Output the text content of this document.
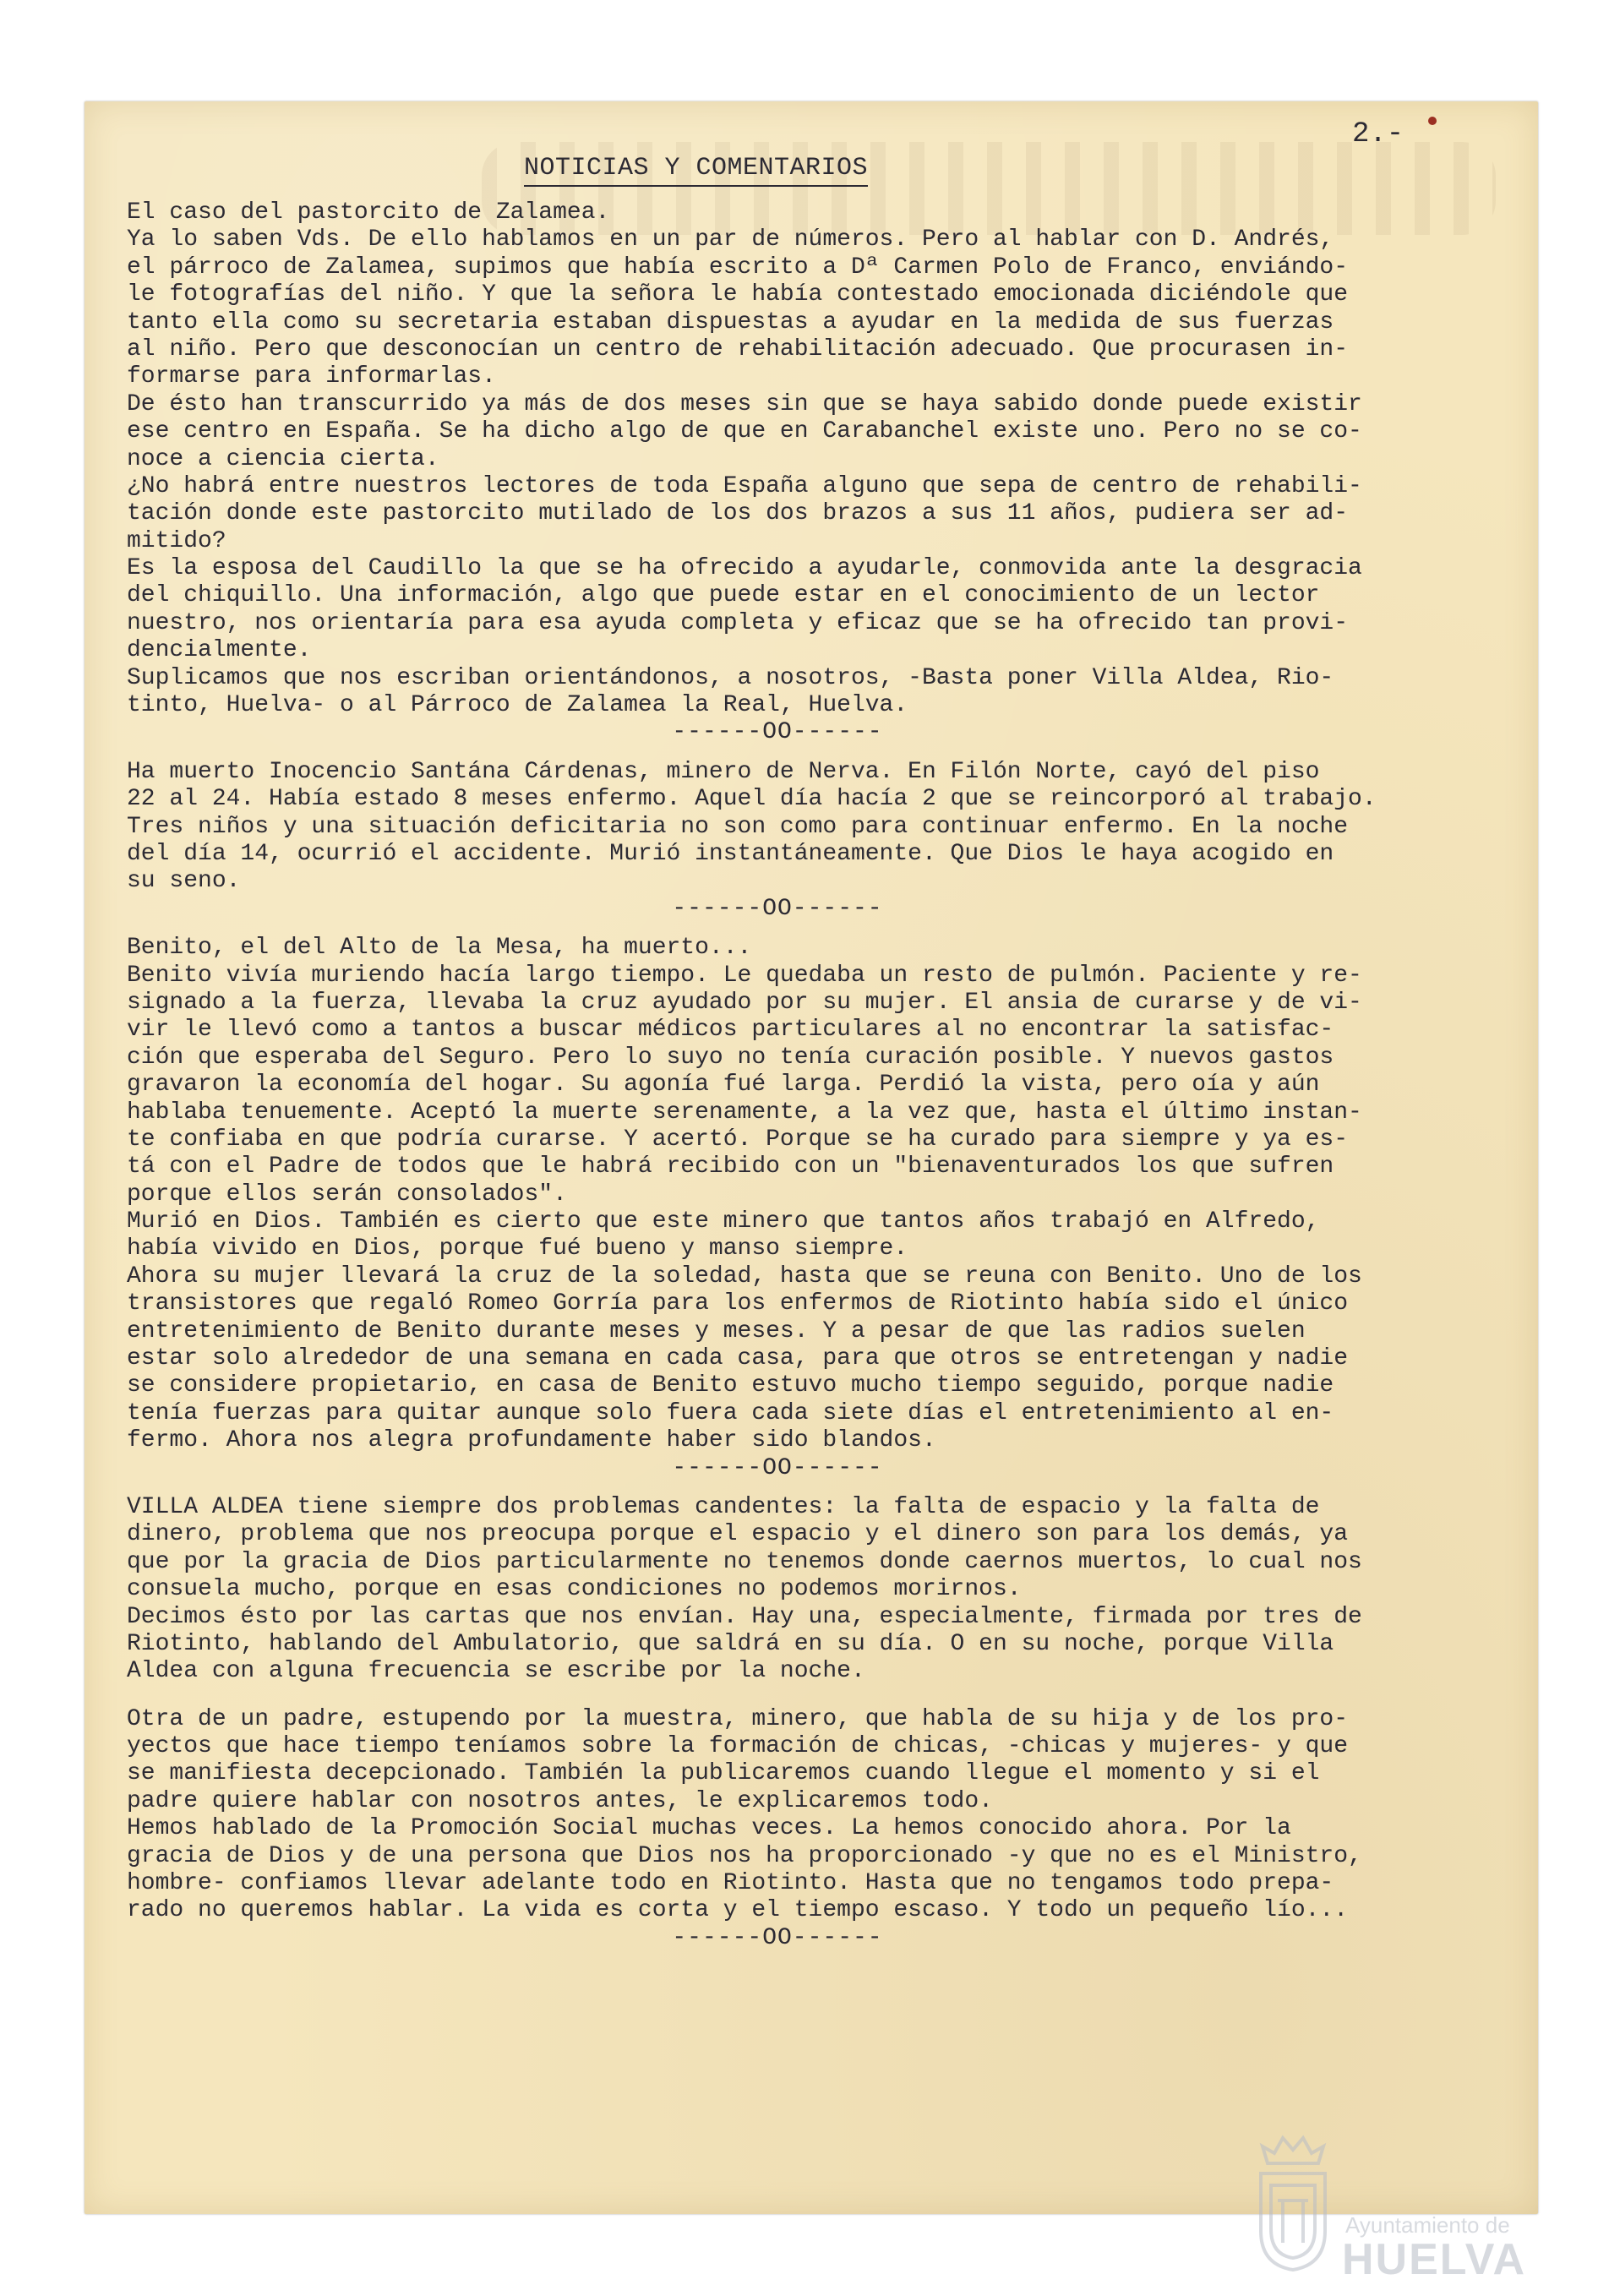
2.-
NOTICIAS Y COMENTARIOS
El caso del pastorcito de Zalamea.
Ya lo saben Vds. De ello hablamos en un par de números. Pero al hablar con D. Andrés,
el párroco de Zalamea, supimos que había escrito a Dª Carmen Polo de Franco, enviándo-
le fotografías del niño. Y que la señora le había contestado emocionada diciéndole que
tanto ella como su secretaria estaban dispuestas a ayudar en la medida de sus fuerzas
al niño. Pero que desconocían un centro de rehabilitación adecuado. Que procurasen in-
formarse para informarlas.
De ésto han transcurrido ya más de dos meses sin que se haya sabido donde puede existir
ese centro en España. Se ha dicho algo de que en Carabanchel existe uno. Pero no se co-
noce a ciencia cierta.
¿No habrá entre nuestros lectores de toda España alguno que sepa de centro de rehabili-
tación donde este pastorcito mutilado de los dos brazos a sus 11 años, pudiera ser ad-
mitido?
Es la esposa del Caudillo la que se ha ofrecido a ayudarle, conmovida ante la desgracia
del chiquillo. Una información, algo que puede estar en el conocimiento de un lector
nuestro, nos orientaría para esa ayuda completa y eficaz que se ha ofrecido tan provi-
dencialmente.
Suplicamos que nos escriban orientándonos, a nosotros, -Basta poner Villa Aldea, Rio-
tinto, Huelva- o al Párroco de Zalamea la Real, Huelva.
------OO------
Ha muerto Inocencio Santána Cárdenas, minero de Nerva. En Filón Norte, cayó del piso
22 al 24. Había estado 8 meses enfermo. Aquel día hacía 2 que se reincorporó al trabajo.
Tres niños y una situación deficitaria no son como para continuar enfermo. En la noche
del día 14, ocurrió el accidente. Murió instantáneamente. Que Dios le haya acogido en
su seno.
------OO------
Benito, el del Alto de la Mesa, ha muerto...
Benito vivía muriendo hacía largo tiempo. Le quedaba un resto de pulmón. Paciente y re-
signado a la fuerza, llevaba la cruz ayudado por su mujer. El ansia de curarse y de vi-
vir le llevó como a tantos a buscar médicos particulares al no encontrar la satisfac-
ción que esperaba del Seguro. Pero lo suyo no tenía curación posible. Y nuevos gastos
gravaron la economía del hogar. Su agonía fué larga. Perdió la vista, pero oía y aún
hablaba tenuemente. Aceptó la muerte serenamente, a la vez que, hasta el último instan-
te confiaba en que podría curarse. Y acertó. Porque se ha curado para siempre y ya es-
tá con el Padre de todos que le habrá recibido con un "bienaventurados los que sufren
porque ellos serán consolados".
Murió en Dios. También es cierto que este minero que tantos años trabajó en Alfredo,
había vivido en Dios, porque fué bueno y manso siempre.
Ahora su mujer llevará la cruz de la soledad, hasta que se reuna con Benito. Uno de los
transistores que regaló Romeo Gorría para los enfermos de Riotinto había sido el único
entretenimiento de Benito durante meses y meses. Y a pesar de que las radios suelen
estar solo alrededor de una semana en cada casa, para que otros se entretengan y nadie
se considere propietario, en casa de Benito estuvo mucho tiempo seguido, porque nadie
tenía fuerzas para quitar aunque solo fuera cada siete días el entretenimiento al en-
fermo. Ahora nos alegra profundamente haber sido blandos.
------OO------
VILLA ALDEA tiene siempre dos problemas candentes: la falta de espacio y la falta de
dinero, problema que nos preocupa porque el espacio y el dinero son para los demás, ya
que por la gracia de Dios particularmente no tenemos donde caernos muertos, lo cual nos
consuela mucho, porque en esas condiciones no podemos morirnos.
Decimos ésto por las cartas que nos envían. Hay una, especialmente, firmada por tres de
Riotinto, hablando del Ambulatorio, que saldrá en su día. O en su noche, porque Villa
Aldea con alguna frecuencia se escribe por la noche.
Otra de un padre, estupendo por la muestra, minero, que habla de su hija y de los pro-
yectos que hace tiempo teníamos sobre la formación de chicas, -chicas y mujeres- y que
se manifiesta decepcionado. También la publicaremos cuando llegue el momento y si el
padre quiere hablar con nosotros antes, le explicaremos todo.
Hemos hablado de la Promoción Social muchas veces. La hemos conocido ahora. Por la
gracia de Dios y de una persona que Dios nos ha proporcionado -y que no es el Ministro,
hombre- confiamos llevar adelante todo en Riotinto. Hasta que no tengamos todo prepa-
rado no queremos hablar. La vida es corta y el tiempo escaso. Y todo un pequeño lío...
------OO------
Ayuntamiento de
HUELVA
